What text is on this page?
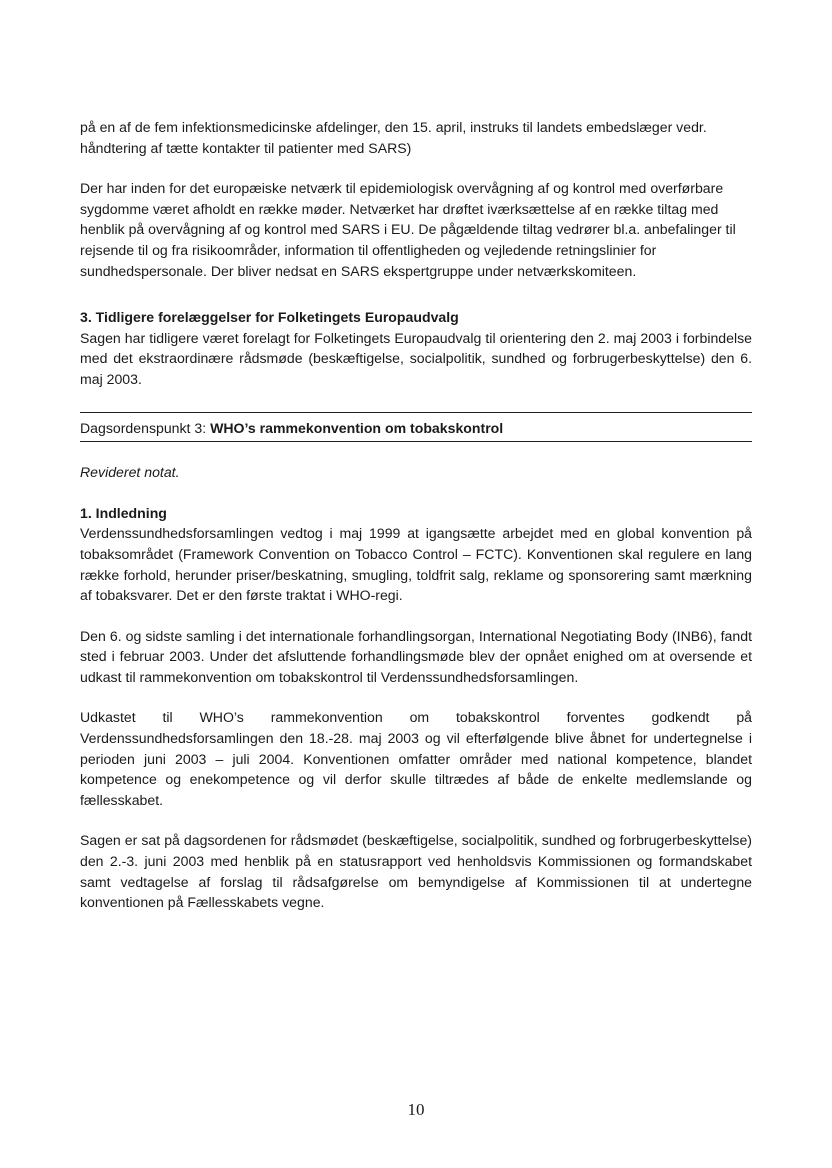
på en af de fem infektionsmedicinske afdelinger, den 15. april, instruks til landets embedslæger vedr. håndtering af tætte kontakter til patienter med SARS)

Der har inden for det europæiske netværk til epidemiologisk overvågning af og kontrol med overførbare sygdomme været afholdt en række møder. Netværket har drøftet iværksættelse af en række tiltag med henblik på overvågning af og kontrol med SARS i EU. De pågældende tiltag vedrører bl.a. anbefalinger til rejsende til og fra risikoområder, information til offentligheden og vejledende retningslinier for sundhedspersonale. Der bliver nedsat en SARS ekspertgruppe under netværkskomiteen.

3. Tidligere forelæggelser for Folketingets Europaudvalg

Sagen har tidligere været forelagt for Folketingets Europaudvalg til orientering den 2. maj 2003 i forbindelse med det ekstraordinære rådsmøde (beskæftigelse, socialpolitik, sundhed og forbrugerbeskyttelse) den 6. maj 2003.

Dagsordenspunkt 3: WHO’s rammekonvention om tobakskontrol

Revideret notat.

1. Indledning

Verdenssundhedsforsamlingen vedtog i maj 1999 at igangsætte arbejdet med en global konvention på tobaksområdet (Framework Convention on Tobacco Control – FCTC). Konventionen skal regulere en lang række forhold, herunder priser/beskatning, smugling, toldfrit salg, reklame og sponsorering samt mærkning af tobaksvarer. Det er den første traktat i WHO-regi.

Den 6. og sidste samling i det internationale forhandlingsorgan, International Negotiating Body (INB6), fandt sted i februar 2003. Under det afsluttende forhandlingsmøde blev der opnået enighed om at oversende et udkast til rammekonvention om tobakskontrol til Verdenssundhedsforsamlingen.

Udkastet til WHO’s rammekonvention om tobakskontrol forventes godkendt på Verdenssundhedsforsamlingen den 18.-28. maj 2003 og vil efterfølgende blive åbnet for undertegnelse i perioden juni 2003 – juli 2004. Konventionen omfatter områder med national kompetence, blandet kompetence og enekompetence og vil derfor skulle tiltrædes af både de enkelte medlemslande og fællesskabet.

Sagen er sat på dagsordenen for rådsmødet (beskæftigelse, socialpolitik, sundhed og forbrugerbeskyttelse) den 2.-3. juni 2003 med henblik på en statusrapport ved henholdsvis Kommissionen og formandskabet samt vedtagelse af forslag til rådsafgørelse om bemyndigelse af Kommissionen til at undertegne konventionen på Fællesskabets vegne.

10
